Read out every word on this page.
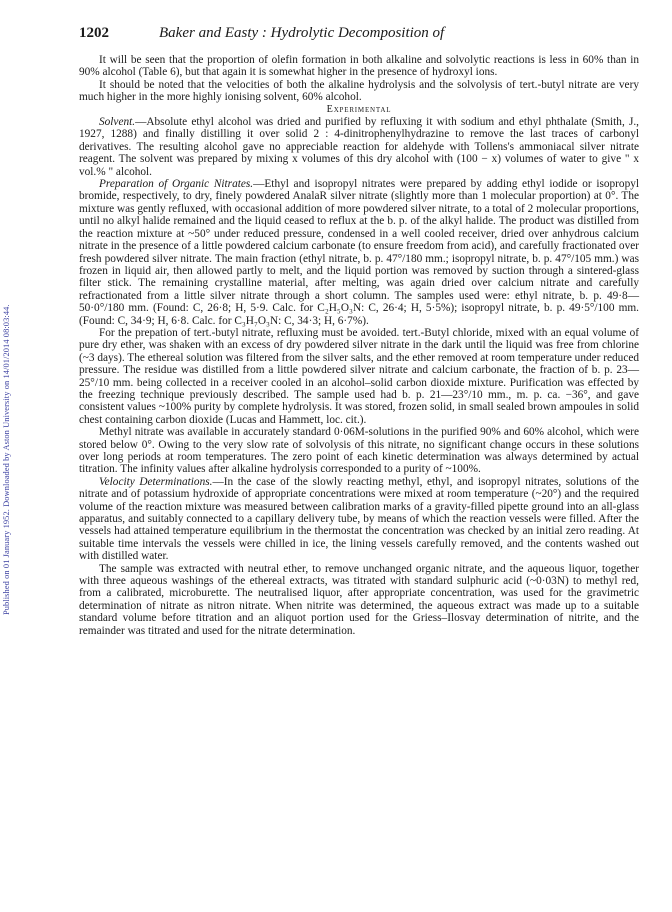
Published on 01 January 1952. Downloaded by Aston University on 14/01/2014 08:03:44.
1202	Baker and Easty : Hydrolytic Decomposition of

It will be seen that the proportion of olefin formation in both alkaline and solvolytic reactions is less in 60% than in 90% alcohol (Table 6), but that again it is somewhat higher in the presence of hydroxyl ions.

It should be noted that the velocities of both the alkaline hydrolysis and the solvolysis of tert.-butyl nitrate are very much higher in the more highly ionising solvent, 60% alcohol.

Experimental

Solvent.—Absolute ethyl alcohol was dried and purified by refluxing it with sodium and ethyl phthalate (Smith, J., 1927, 1288) and finally distilling it over solid 2 : 4-dinitrophenylhydrazine to remove the last traces of carbonyl derivatives. The resulting alcohol gave no appreciable reaction for aldehyde with Tollens's ammoniacal silver nitrate reagent. The solvent was prepared by mixing x volumes of this dry alcohol with (100 − x) volumes of water to give " x vol.% " alcohol.

Preparation of Organic Nitrates.—Ethyl and isopropyl nitrates were prepared by adding ethyl iodide or isopropyl bromide, respectively, to dry, finely powdered AnalaR silver nitrate (slightly more than 1 molecular proportion) at 0°. The mixture was gently refluxed, with occasional addition of more powdered silver nitrate, to a total of 2 molecular proportions, until no alkyl halide remained and the liquid ceased to reflux at the b. p. of the alkyl halide. The product was distilled from the reaction mixture at ~50° under reduced pressure, condensed in a well cooled receiver, dried over anhydrous calcium nitrate in the presence of a little powdered calcium carbonate (to ensure freedom from acid), and carefully fractionated over fresh powdered silver nitrate. The main fraction (ethyl nitrate, b. p. 47°/180 mm.; isopropyl nitrate, b. p. 47°/105 mm.) was frozen in liquid air, then allowed partly to melt, and the liquid portion was removed by suction through a sintered-glass filter stick. The remaining crystalline material, after melting, was again dried over calcium nitrate and carefully refractionated from a little silver nitrate through a short column. The samples used were: ethyl nitrate, b. p. 49·8—50·0°/180 mm. (Found: C, 26·8; H, 5·9. Calc. for C₂H₅O₃N: C, 26·4; H, 5·5%); isopropyl nitrate, b. p. 49·5°/100 mm. (Found: C, 34·9; H, 6·8. Calc. for C₃H₇O₃N: C, 34·3; H, 6·7%).

For the prepation of tert.-butyl nitrate, refluxing must be avoided. tert.-Butyl chloride, mixed with an equal volume of pure dry ether, was shaken with an excess of dry powdered silver nitrate in the dark until the liquid was free from chlorine (~3 days). The ethereal solution was filtered from the silver salts, and the ether removed at room temperature under reduced pressure. The residue was distilled from a little powdered silver nitrate and calcium carbonate, the fraction of b. p. 23—25°/10 mm. being collected in a receiver cooled in an alcohol–solid carbon dioxide mixture. Purification was effected by the freezing technique previously described. The sample used had b. p. 21—23°/10 mm., m. p. ca. −36°, and gave consistent values ~100% purity by complete hydrolysis. It was stored, frozen solid, in small sealed brown ampoules in solid chest containing carbon dioxide (Lucas and Hammett, loc. cit.).

Methyl nitrate was available in accurately standard 0·06M-solutions in the purified 90% and 60% alcohol, which were stored below 0°. Owing to the very slow rate of solvolysis of this nitrate, no significant change occurs in these solutions over long periods at room temperatures. The zero point of each kinetic determination was always determined by actual titration. The infinity values after alkaline hydrolysis corresponded to a purity of ~100%.

Velocity Determinations.—In the case of the slowly reacting methyl, ethyl, and isopropyl nitrates, solutions of the nitrate and of potassium hydroxide of appropriate concentrations were mixed at room temperature (~20°) and the required volume of the reaction mixture was measured between calibration marks of a gravity-filled pipette ground into an all-glass apparatus, and suitably connected to a capillary delivery tube, by means of which the reaction vessels were filled. After the vessels had attained temperature equilibrium in the thermostat the concentration was checked by an initial zero reading. At suitable time intervals the vessels were chilled in ice, the lining vessels carefully removed, and the contents washed out with distilled water.

The sample was extracted with neutral ether, to remove unchanged organic nitrate, and the aqueous liquor, together with three aqueous washings of the ethereal extracts, was titrated with standard sulphuric acid (~0·03N) to methyl red, from a calibrated, microburette. The neutralised liquor, after appropriate concentration, was used for the gravimetric determination of nitrate as nitron nitrate. When nitrite was determined, the aqueous extract was made up to a suitable standard volume before titration and an aliquot portion used for the Griess–Ilosvay determination of nitrite, and the remainder was titrated and used for the nitrate determination.
